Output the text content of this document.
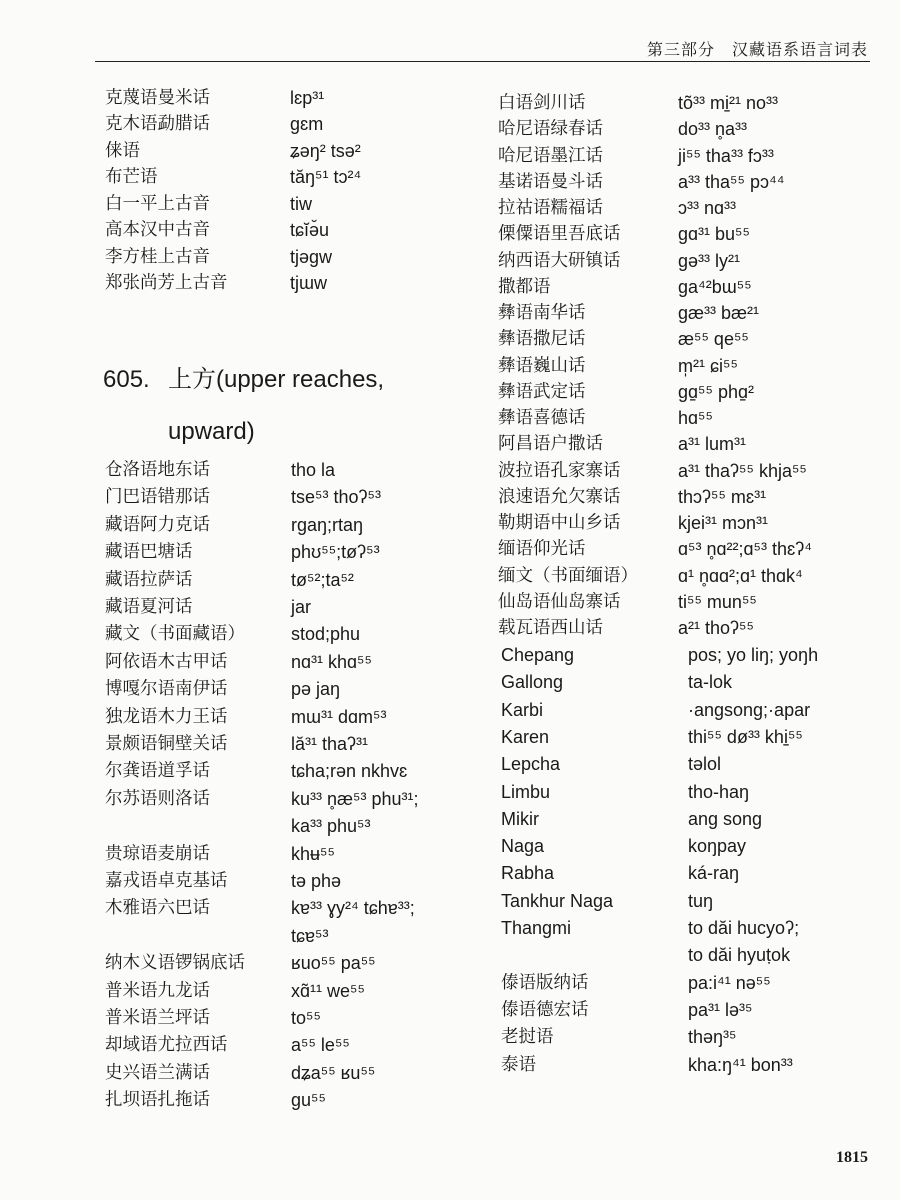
第三部分　汉藏语系语言词表
605. 上方(upper reaches,
upward)
1815
克蔑语曼米话	lɛp³¹
克木语勐腊话	gɛm
俫语	ʑəŋ² tsə²
布芒语	tăŋ⁵¹ tɔ²⁴
白一平上古音	tiw
高本汉中古音	tɕĭə̆u
李方桂上古音	tjəgw
郑张尚芳上古音	tjɯw
仓洛语地东话	tho la
门巴语错那话	tse⁵³ thoʔ⁵³
藏语阿力克话	rgaŋ;rtaŋ
藏语巴塘话	phʊ⁵⁵;tøʔ⁵³
藏语拉萨话	tø⁵²;ta⁵²
藏语夏河话	jar
藏文（书面藏语）	stod;phu
阿依语木古甲话	nɑ³¹ khɑ⁵⁵
博嘎尔语南伊话	pə jaŋ
独龙语木力王话	mɯ³¹ dɑm⁵³
景颇语铜壁关话	lă³¹ thaʔ³¹
尔龚语道孚话	tɕha;rən nkhvɛ
尔苏语则洛话	ku³³ n̥æ⁵³ phu³¹;
ka³³ phu⁵³
贵琼语麦崩话	khʉ⁵⁵
嘉戎语卓克基话	tə phə
木雅语六巴话	kɐ³³ ɣy²⁴ tɕhɐ³³;
tɕɐ⁵³
纳木义语锣锅底话	ʁuo⁵⁵ pa⁵⁵
普米语九龙话	xɑ̃¹¹ we⁵⁵
普米语兰坪话	to⁵⁵
却域语尤拉西话	a⁵⁵ le⁵⁵
史兴语兰满话	dʑa⁵⁵ ʁu⁵⁵
扎坝语扎拖话	gu⁵⁵
白语剑川话	tõ³³ mi̠²¹ no³³
哈尼语绿春话	do³³ n̥a³³
哈尼语墨江话	ji⁵⁵ tha³³ fɔ³³
基诺语曼斗话	a³³ tha⁵⁵ pɔ⁴⁴
拉祜语糯福话	ɔ³³ nɑ³³
傈僳语里吾底话	gɑ³¹ bu⁵⁵
纳西语大研镇话	gə³³ ly²¹
撒都语	ga⁴²bɯ⁵⁵
彝语南华话	gæ³³ bæ²¹
彝语撒尼话	æ⁵⁵ qe⁵⁵
彝语巍山话	m̩²¹ ɕi⁵⁵
彝语武定话	gɑ̠⁵⁵ phɑ̠²
彝语喜德话	hɑ⁵⁵
阿昌语户撒话	a³¹ lum³¹
波拉语孔家寨话	a³¹ thaʔ⁵⁵ khja⁵⁵
浪速语允欠寨话	thɔʔ⁵⁵ mɛ³¹
勒期语中山乡话	kjei³¹ mɔn³¹
缅语仰光话	ɑ⁵³ n̥ɑ²²;ɑ⁵³ thɛʔ⁴
缅文（书面缅语） ɑ¹ n̥ɑɑ²;ɑ¹ thɑk⁴
仙岛语仙岛寨话	ti⁵⁵ mun⁵⁵
载瓦语西山话	a²¹ thoʔ⁵⁵
Chepang	pos; yo liŋ; yoŋh
Gallong	ta-lok
Karbi	·angsong;·apar
Karen	thi⁵⁵ dø³³ khi̠⁵⁵
Lepcha	təlol
Limbu	tho-haŋ
Mikir	ang song
Naga	koŋpay
Rabha	ká-raŋ
Tankhur Naga	tuŋ
Thangmi	to dăi hucyoʔ;
to dăi hyuṭok
傣语版纳话	pa:i⁴¹ nə⁵⁵
傣语德宏话	pa³¹ lə³⁵
老挝语	thəŋ³⁵
泰语	kha:ŋ⁴¹ bon³³
